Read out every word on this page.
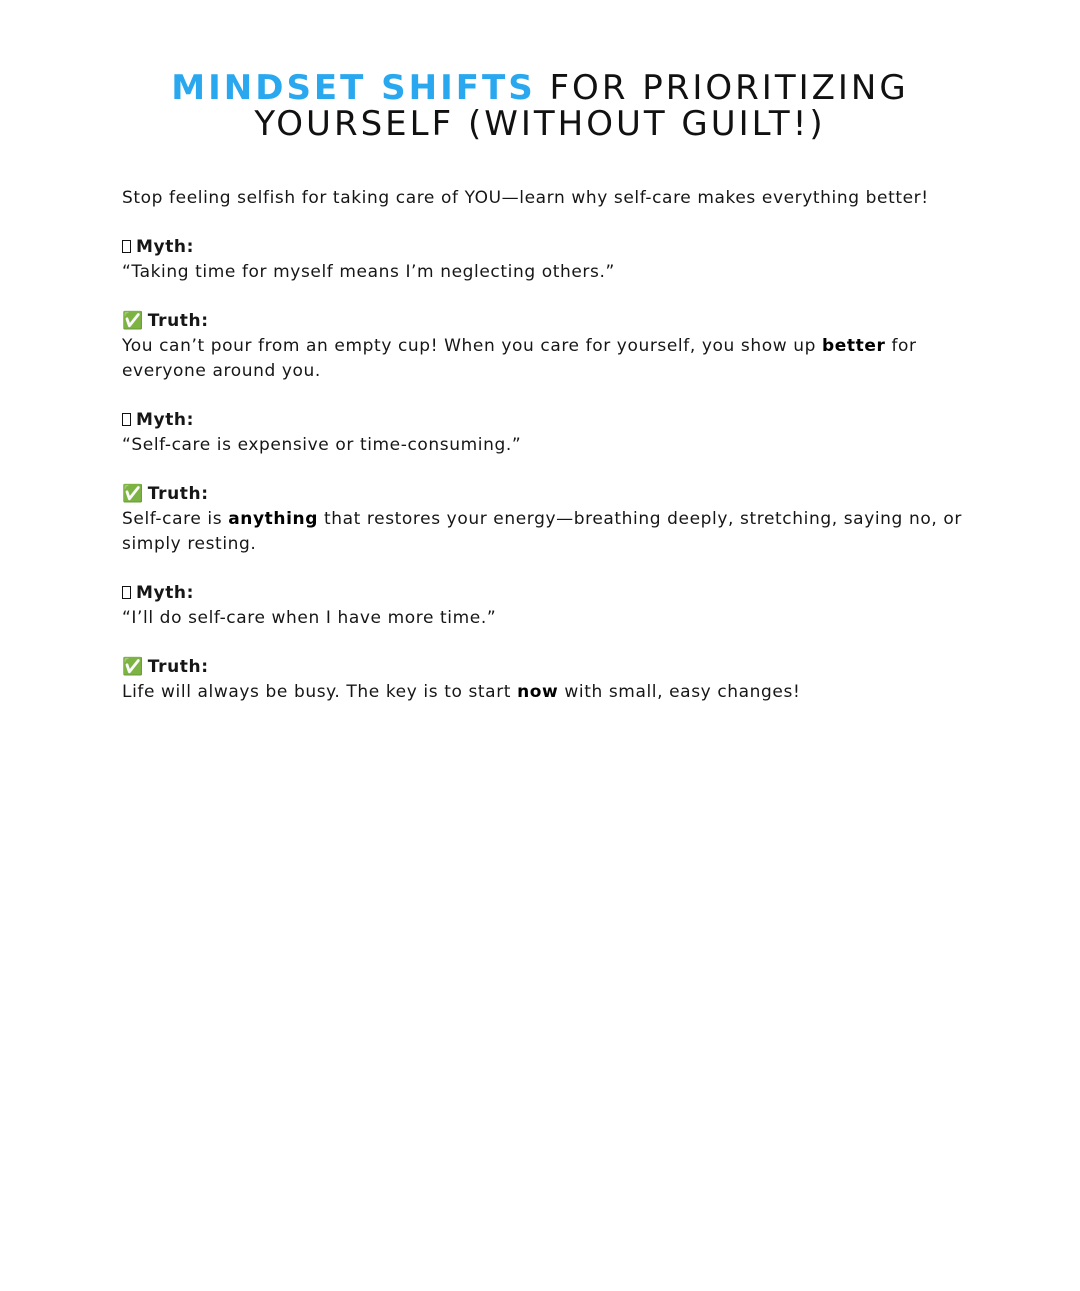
MINDSET SHIFTS FOR PRIORITIZING
YOURSELF (WITHOUT GUILT!)

Stop feeling selfish for taking care of YOU—learn why self-care makes everything better!

Myth:

“Taking time for myself means I’m neglecting others.”

✅ Truth:

You can’t pour from an empty cup! When you care for yourself, you show up better for everyone around you.

Myth:

“Self-care is expensive or time-consuming.”

✅ Truth:

Self-care is anything that restores your energy—breathing deeply, stretching, saying no, or simply resting.

Myth:

“I’ll do self-care when I have more time.”

✅ Truth:

Life will always be busy. The key is to start now with small, easy changes!
